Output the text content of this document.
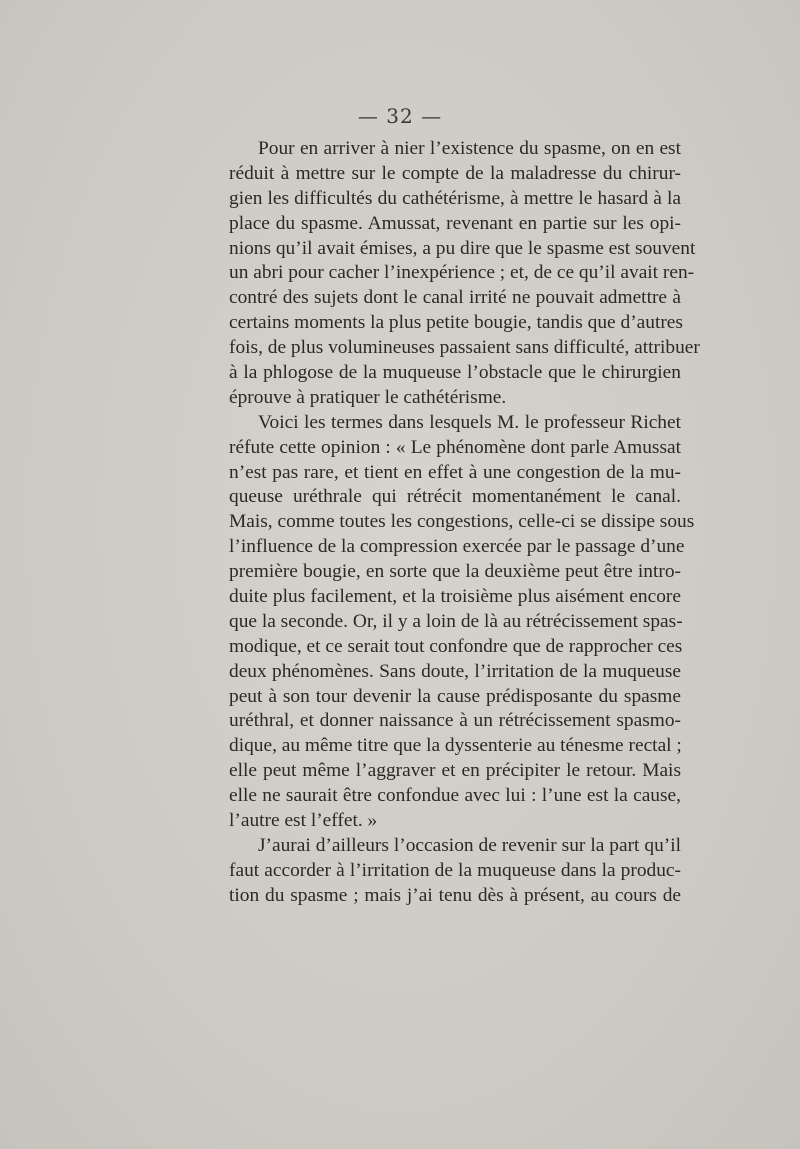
— 32 —
Pour en arriver à nier l’existence du spasme, on en est
réduit à mettre sur le compte de la maladresse du chirur-
gien les difficultés du cathétérisme, à mettre le hasard à la
place du spasme. Amussat, revenant en partie sur les opi-
nions qu’il avait émises, a pu dire que le spasme est souvent
un abri pour cacher l’inexpérience ; et, de ce qu’il avait ren-
contré des sujets dont le canal irrité ne pouvait admettre à
certains moments la plus petite bougie, tandis que d’autres
fois, de plus volumineuses passaient sans difficulté, attribuer
à la phlogose de la muqueuse l’obstacle que le chirurgien
éprouve à pratiquer le cathétérisme.
Voici les termes dans lesquels M. le professeur Richet
réfute cette opinion : « Le phénomène dont parle Amussat
n’est pas rare, et tient en effet à une congestion de la mu-
queuse uréthrale qui rétrécit momentanément le canal.
Mais, comme toutes les congestions, celle-ci se dissipe sous
l’influence de la compression exercée par le passage d’une
première bougie, en sorte que la deuxième peut être intro-
duite plus facilement, et la troisième plus aisément encore
que la seconde. Or, il y a loin de là au rétrécissement spas-
modique, et ce serait tout confondre que de rapprocher ces
deux phénomènes. Sans doute, l’irritation de la muqueuse
peut à son tour devenir la cause prédisposante du spasme
uréthral, et donner naissance à un rétrécissement spasmo-
dique, au même titre que la dyssenterie au ténesme rectal ;
elle peut même l’aggraver et en précipiter le retour. Mais
elle ne saurait être confondue avec lui : l’une est la cause,
l’autre est l’effet. »
J’aurai d’ailleurs l’occasion de revenir sur la part qu’il
faut accorder à l’irritation de la muqueuse dans la produc-
tion du spasme ; mais j’ai tenu dès à présent, au cours de
